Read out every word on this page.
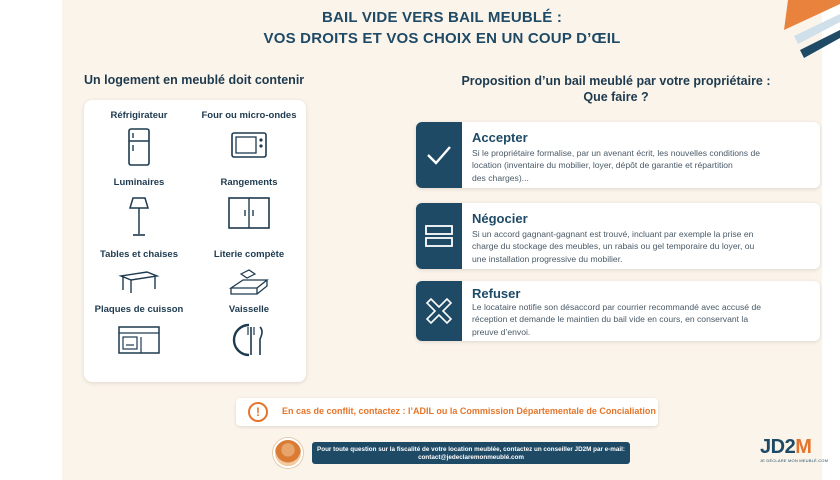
BAIL VIDE VERS BAIL MEUBLÉ :
VOS DROITS ET VOS CHOIX EN UN COUP D’ŒIL
Un logement en meublé doit contenir	Proposition d’un bail meublé par votre propriétaire :
Que faire ?
Réfrigirateur	Four ou micro-ondes
Luminaires	Rangements
Tables et chaises	Literie compète
Plaques de cuisson	Vaisselle
Accepter
Si le propriétaire formalise, par un avenant écrit, les nouvelles conditions de
location (inventaire du mobilier, loyer, dépôt de garantie et répartition
des charges)...
Négocier
Si un accord gagnant-gagnant est trouvé, incluant par exemple la prise en
charge du stockage des meubles, un rabais ou gel temporaire du loyer, ou
une installation progressive du mobilier.
Refuser
Le locataire notifie son désaccord par courrier recommandé avec accusé de
réception et demande le maintien du bail vide en cours, en conservant la
preuve d’envoi.
!	En cas de conflit, contactez : l’ADIL ou la Commission Départementale de Concialiation
Pour toute question sur la fiscalité de votre location meublée, contactez un conseiller JD2M par e-mail:
contact@jedeclaremonmeublé.com	JD2M
JE DÉCLARE MON MEUBLÉ.COM
